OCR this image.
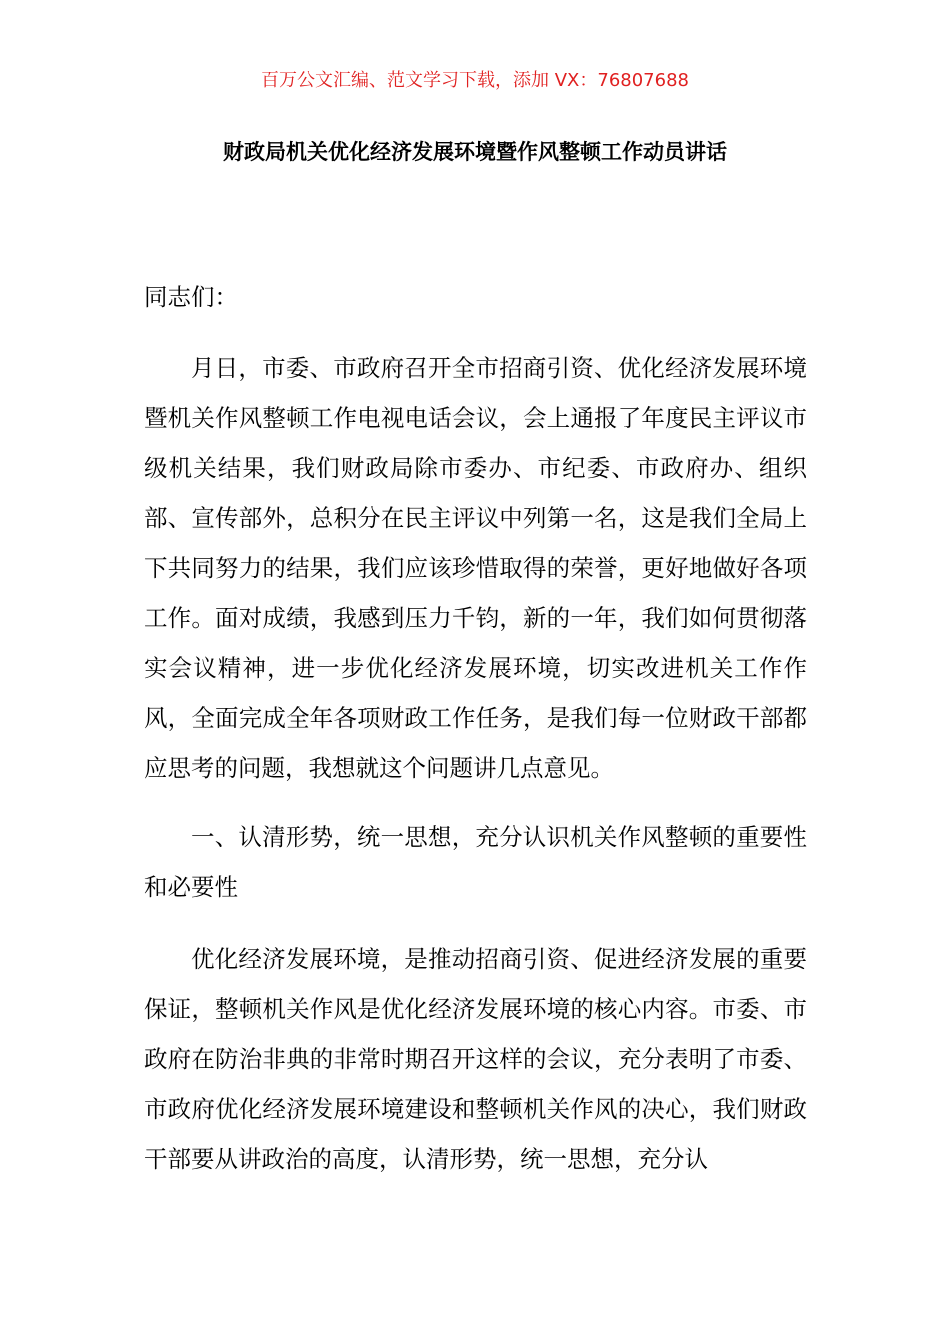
百万公文汇编、范文学习下载，添加 VX：76807688
财政局机关优化经济发展环境暨作风整顿工作动员讲话

同志们：

月日，市委、市政府召开全市招商引资、优化经济发展环境暨机关作风整顿工作电视电话会议，会上通报了年度民主评议市级机关结果，我们财政局除市委办、市纪委、市政府办、组织部、宣传部外，总积分在民主评议中列第一名，这是我们全局上下共同努力的结果，我们应该珍惜取得的荣誉，更好地做好各项工作。面对成绩，我感到压力千钧，新的一年，我们如何贯彻落实会议精神，进一步优化经济发展环境，切实改进机关工作作风，全面完成全年各项财政工作任务，是我们每一位财政干部都应思考的问题，我想就这个问题讲几点意见。

一、认清形势，统一思想，充分认识机关作风整顿的重要性和必要性

优化经济发展环境，是推动招商引资、促进经济发展的重要保证，整顿机关作风是优化经济发展环境的核心内容。市委、市政府在防治非典的非常时期召开这样的会议，充分表明了市委、市政府优化经济发展环境建设和整顿机关作风的决心，我们财政干部要从讲政治的高度，认清形势，统一思想，充分认
